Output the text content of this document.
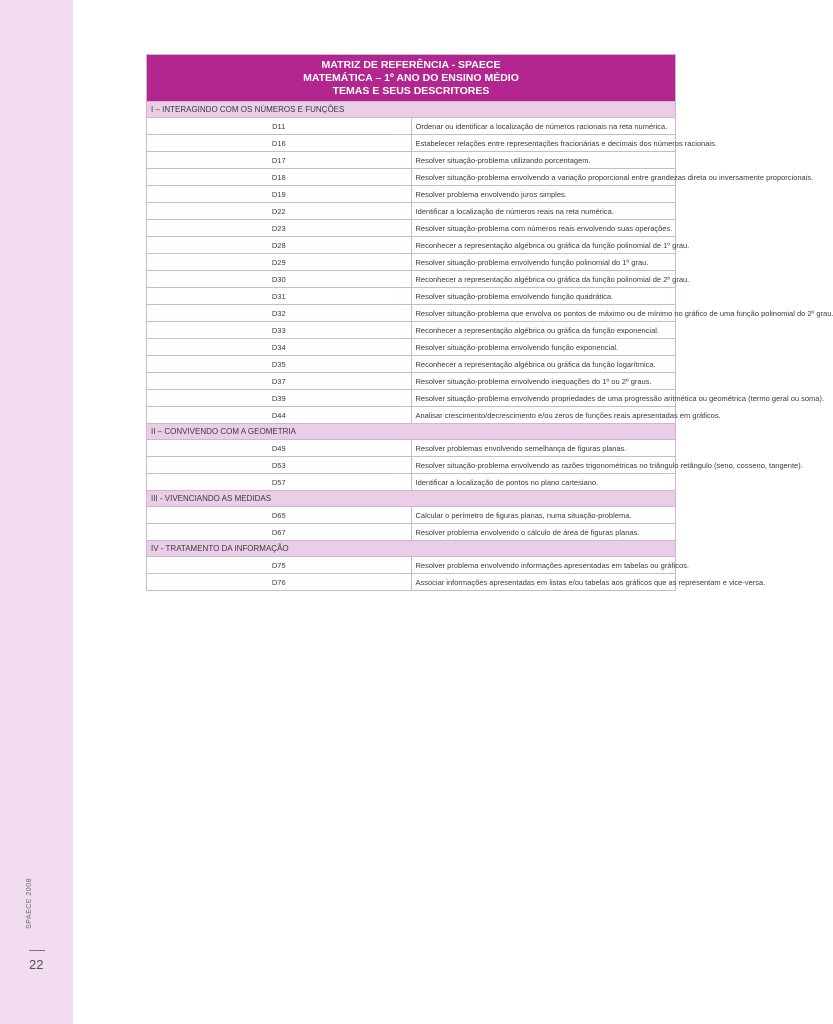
SPAECE 2008
22
MATRIZ DE REFERÊNCIA - SPAECE
MATEMÁTICA – 1º ANO DO ENSINO MÉDIO
TEMAS E SEUS DESCRITORES	

I – INTERAGINDO COM OS NÚMEROS E FUNÇÕES	
D11	Ordenar ou identificar a localização de números racionais na reta numérica.
D16	Estabelecer relações entre representações fracionárias e decimais dos números racionais.
D17	Resolver situação-problema utilizando porcentagem.
D18	Resolver situação-problema envolvendo a variação proporcional entre grandezas direta ou inversamente proporcionais.
D19	Resolver problema envolvendo juros simples.
D22	Identificar a localização de números reais na reta numérica.
D23	Resolver situação-problema com números reais envolvendo suas operações.
D28	Reconhecer a representação algébrica ou gráfica da função polinomial de 1º grau.
D29	Resolver situação-problema envolvendo função polinomial do 1º grau.
D30	Reconhecer a representação algébrica ou gráfica da função polinomial de 2º grau.
D31	Resolver situação-problema envolvendo função quadrática.
D32	Resolver situação-problema que envolva os pontos de máximo ou de mínimo no gráfico de uma função polinomial do 2º grau.
D33	Reconhecer a representação algébrica ou gráfica da função exponencial.
D34	Resolver situação-problema envolvendo função exponencial.
D35	Reconhecer a representação algébrica ou gráfica da função logarítmica.
D37	Resolver situação-problema envolvendo inequações do 1º ou 2º graus.
D39	Resolver situação-problema envolvendo propriedades de uma progressão aritmética ou geométrica (termo geral ou soma).
D44	Analisar crescimento/decrescimento e/ou zeros de funções reais apresentadas em gráficos.
II – CONVIVENDO COM A GEOMETRIA	
D49	Resolver problemas envolvendo semelhança de figuras planas.
D53	Resolver situação-problema envolvendo as razões trigonométricas no triângulo retângulo (seno, cosseno, tangente).
D57	Identificar a localização de pontos no plano cartesiano.
III - VIVENCIANDO AS MEDIDAS	
D65	Calcular o perímetro de figuras planas, numa situação-problema.
D67	Resolver problema envolvendo o cálculo de área de figuras planas.
IV - TRATAMENTO DA INFORMAÇÃO	
D75	Resolver problema envolvendo informações apresentadas em tabelas ou gráficos.
D76	Associar informações apresentadas em listas e/ou tabelas aos gráficos que as representam e vice-versa.
